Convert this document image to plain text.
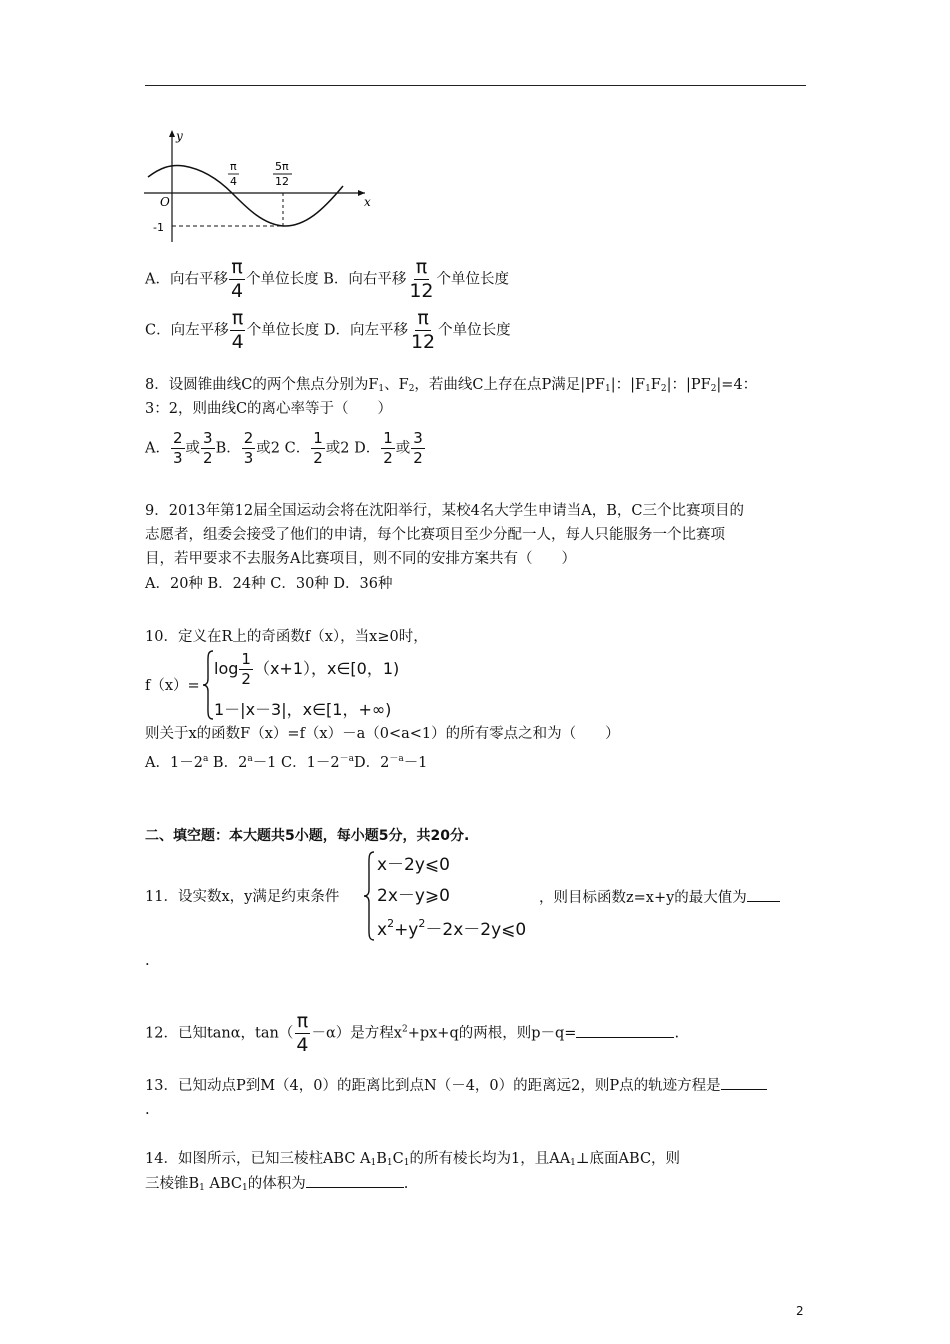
y
x
O
-1
π
4
5π
12
A．向右平移 $\frac{\pi}{4}$ 个单位长度 B．向右平移 $\frac{\pi}{12}$ 个单位长度
C．向左平移 $\frac{\pi}{4}$ 个单位长度 D．向左平移 $\frac{\pi}{12}$ 个单位长度
8．设圆锥曲线C的两个焦点分别为$F_1$、$F_2$，若曲线C上存在点P满足$|PF_1|$：$|F_1F_2|$：$|PF_2|=4$：
3：2，则曲线C的离心率等于（　　）
A． $\frac{2}{3}$ 或 $\frac{3}{2}$ B． $\frac{2}{3}$ 或2 C． $\frac{1}{2}$ 或2 D． $\frac{1}{2}$ 或 $\frac{3}{2}$
9．2013年第12届全国运动会将在沈阳举行，某校4名大学生申请当A，B，C三个比赛项目的
志愿者，组委会接受了他们的申请，每个比赛项目至少分配一人，每人只能服务一个比赛项
目，若甲要求不去服务A比赛项目，则不同的安排方案共有（　　）
A．20种 B．24种 C．30种 D．36种
10．定义在R上的奇函数f（x），当x≥0时，
f（x）=
$\log \frac{1}{2} (x+1)$，x∈[0，1)
1－|x－3|，x∈[1，+∞)
则关于x的函数F（x）=f（x）－a（0<a<1）的所有零点之和为（　　）
A．$1-2^a$ B．$2^a-1$ C．$1-2^{-a}D$．$2^{-a}-1$
二、填空题：本大题共5小题，每小题5分，共20分.
11．设实数x，y满足约束条件
x－2y⩽0
2x－y⩾0
$x^2+y^2-2x-2y⩽0$
，则目标函数z=x+y的最大值为
.
12．已知tanα，$\tan( \frac{\pi}{4} -\alpha)$是方程$x^2+px+q$的两根，则p－q=	.
13．已知动点P到M（4，0）的距离比到点N（－4，0）的距离远2，则P点的轨迹方程是
.
14．如图所示，已知三棱柱ABC $A_1B_1C_1$的所有棱长均为1，且$AA_1\perp$底面ABC，则
三棱锥$B_1$ $ABC_1$的体积为	.
2
